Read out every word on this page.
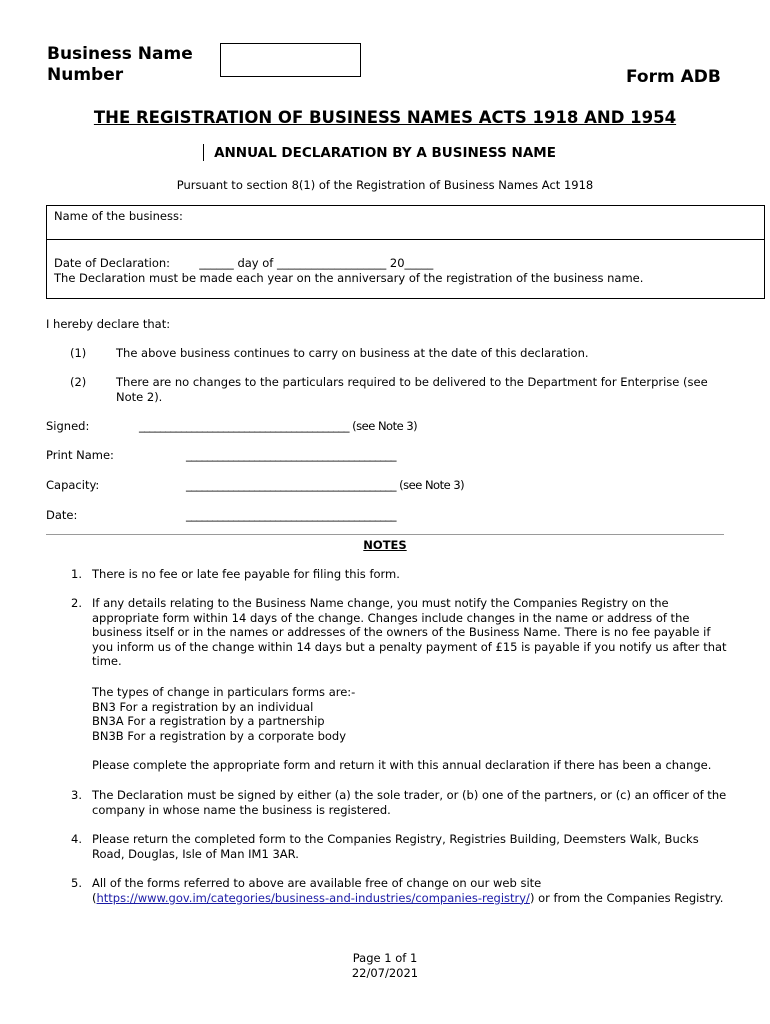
Business Name
Number	Form ADB
THE REGISTRATION OF BUSINESS NAMES ACTS 1918 AND 1954
ANNUAL DECLARATION BY A BUSINESS NAME
Pursuant to section 8(1) of the Registration of Business Names Act 1918
Name of the business:
Date of Declaration:        ______ day of ___________________ 20_____
The Declaration must be made each year on the anniversary of the registration of the business name.
I hereby declare that:
(1)	The above business continues to carry on business at the date of this declaration.
(2)	There are no changes to the particulars required to be delivered to the Department for Enterprise (see Note 2).
Signed:	________________________________________ (see Note 3)
Print Name:	________________________________________
Capacity:	________________________________________ (see Note 3)
Date:	________________________________________
NOTES
1. There is no fee or late fee payable for filing this form.
2. If any details relating to the Business Name change, you must notify the Companies Registry on the appropriate form within 14 days of the change. Changes include changes in the name or address of the business itself or in the names or addresses of the owners of the Business Name. There is no fee payable if you inform us of the change within 14 days but a penalty payment of £15 is payable if you notify us after that time.
The types of change in particulars forms are:-
BN3 For a registration by an individual
BN3A For a registration by a partnership
BN3B For a registration by a corporate body
Please complete the appropriate form and return it with this annual declaration if there has been a change.
3. The Declaration must be signed by either (a) the sole trader, or (b) one of the partners, or (c) an officer of the company in whose name the business is registered.
4. Please return the completed form to the Companies Registry, Registries Building, Deemsters Walk, Bucks Road, Douglas, Isle of Man IM1 3AR.
5. All of the forms referred to above are available free of change on our web site (https://www.gov.im/categories/business-and-industries/companies-registry/) or from the Companies Registry.
Page 1 of 1
22/07/2021
